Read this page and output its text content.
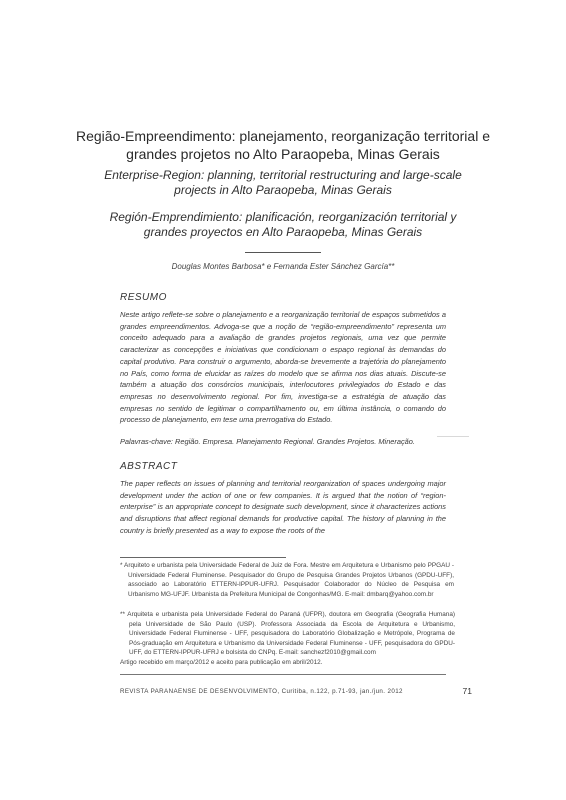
Região-Empreendimento: planejamento, reorganização territorial e grandes projetos no Alto Paraopeba, Minas Gerais
Enterprise-Region: planning, territorial restructuring and large-scale projects in Alto Paraopeba, Minas Gerais
Región-Emprendimiento: planificación, reorganización territorial y grandes proyectos en Alto Paraopeba, Minas Gerais
Douglas Montes Barbosa* e Fernanda Ester Sánchez García**
RESUMO
Neste artigo reflete-se sobre o planejamento e a reorganização territorial de espaços submetidos a grandes empreendimentos. Advoga-se que a noção de “região-empreendimento” representa um conceito adequado para a avaliação de grandes projetos regionais, uma vez que permite caracterizar as concepções e iniciativas que condicionam o espaço regional às demandas do capital produtivo. Para construir o argumento, aborda-se brevemente a trajetória do planejamento no País, como forma de elucidar as raízes do modelo que se afirma nos dias atuais. Discute-se também a atuação dos consórcios municipais, interlocutores privilegiados do Estado e das empresas no desenvolvimento regional. Por fim, investiga-se a estratégia de atuação das empresas no sentido de legitimar o compartilhamento ou, em última instância, o comando do processo de planejamento, em tese uma prerrogativa do Estado.
Palavras-chave: Região. Empresa. Planejamento Regional. Grandes Projetos. Mineração.
ABSTRACT
The paper reflects on issues of planning and territorial reorganization of spaces undergoing major development under the action of one or few companies. It is argued that the notion of “region-enterprise” is an appropriate concept to designate such development, since it characterizes actions and disruptions that affect regional demands for productive capital. The history of planning in the country is briefly presented as a way to expose the roots of the
* Arquiteto e urbanista pela Universidade Federal de Juiz de Fora. Mestre em Arquitetura e Urbanismo pelo PPGAU - Universidade Federal Fluminense. Pesquisador do Grupo de Pesquisa Grandes Projetos Urbanos (GPDU-UFF), associado ao Laboratório ETTERN-IPPUR-UFRJ. Pesquisador Colaborador do Núcleo de Pesquisa em Urbanismo MG-UFJF. Urbanista da Prefeitura Municipal de Congonhas/MG. E-mail: dmbarq@yahoo.com.br
** Arquiteta e urbanista pela Universidade Federal do Paraná (UFPR), doutora em Geografia (Geografia Humana) pela Universidade de São Paulo (USP). Professora Associada da Escola de Arquitetura e Urbanismo, Universidade Federal Fluminense - UFF, pesquisadora do Laboratório Globalização e Metrópole, Programa de Pós-graduação em Arquitetura e Urbanismo da Universidade Federal Fluminense - UFF, pesquisadora do GPDU-UFF, do ETTERN-IPPUR-UFRJ e bolsista do CNPq. E-mail: sanchezf2010@gmail.com
Artigo recebido em março/2012 e aceito para publicação em abril/2012.
REVISTA PARANAENSE DE DESENVOLVIMENTO, Curitiba, n.122, p.71-93, jan./jun. 2012	71
